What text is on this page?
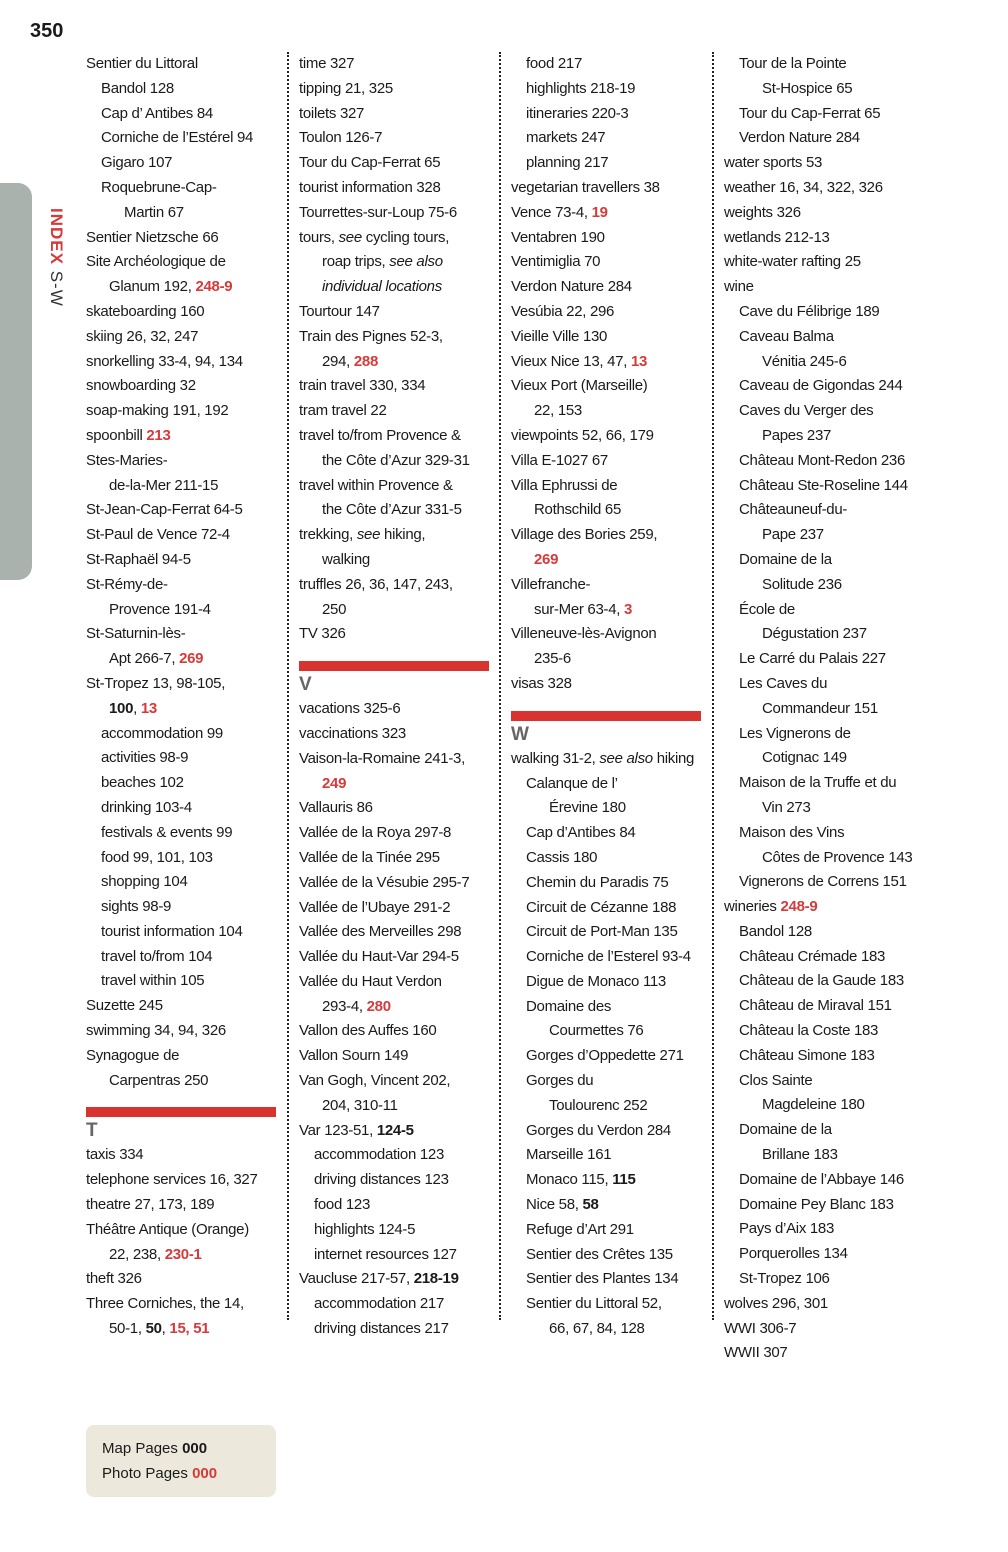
350
INDEX S-W
Sentier du Littoral
Bandol 128
Cap d’ Antibes 84
Corniche de l’Estérel 94
Gigaro 107
Roquebrune-Cap-
Martin 67
Sentier Nietzsche 66
Site Archéologique de
Glanum 192, 248-9
skateboarding 160
skiing 26, 32, 247
snorkelling 33-4, 94, 134
snowboarding 32
soap-making 191, 192
spoonbill 213
Stes-Maries-
de-la-Mer 211-15
St-Jean-Cap-Ferrat 64-5
St-Paul de Vence 72-4
St-Raphaël 94-5
St-Rémy-de-
Provence 191-4
St-Saturnin-lès-
Apt 266-7, 269
St-Tropez 13, 98-105,
100, 13
accommodation 99
activities 98-9
beaches 102
drinking 103-4
festivals & events 99
food 99, 101, 103
shopping 104
sights 98-9
tourist information 104
travel to/from 104
travel within 105
Suzette 245
swimming 34, 94, 326
Synagogue de
Carpentras 250
T
taxis 334
telephone services 16, 327
theatre 27, 173, 189
Théâtre Antique (Orange)
22, 238, 230-1
theft 326
Three Corniches, the 14,
50-1, 50, 15, 51
time 327
tipping 21, 325
toilets 327
Toulon 126-7
Tour du Cap-Ferrat 65
tourist information 328
Tourrettes-sur-Loup 75-6
tours, see cycling tours,
roap trips, see also
individual locations
Tourtour 147
Train des Pignes 52-3,
294, 288
train travel 330, 334
tram travel 22
travel to/from Provence &
the Côte d’Azur 329-31
travel within Provence &
the Côte d’Azur 331-5
trekking, see hiking,
walking
truffles 26, 36, 147, 243,
250
TV 326
V
vacations 325-6
vaccinations 323
Vaison-la-Romaine 241-3,
249
Vallauris 86
Vallée de la Roya 297-8
Vallée de la Tinée 295
Vallée de la Vésubie 295-7
Vallée de l’Ubaye 291-2
Vallée des Merveilles 298
Vallée du Haut-Var 294-5
Vallée du Haut Verdon
293-4, 280
Vallon des Auffes 160
Vallon Sourn 149
Van Gogh, Vincent 202,
204, 310-11
Var 123-51, 124-5
accommodation 123
driving distances 123
food 123
highlights 124-5
internet resources 127
Vaucluse 217-57, 218-19
accommodation 217
driving distances 217
food 217
highlights 218-19
itineraries 220-3
markets 247
planning 217
vegetarian travellers 38
Vence 73-4, 19
Ventabren 190
Ventimiglia 70
Verdon Nature 284
Vesúbia 22, 296
Vieille Ville 130
Vieux Nice 13, 47, 13
Vieux Port (Marseille)
22, 153
viewpoints 52, 66, 179
Villa E-1027 67
Villa Ephrussi de
Rothschild 65
Village des Bories 259,
269
Villefranche-
sur-Mer 63-4, 3
Villeneuve-lès-Avignon
235-6
visas 328
W
walking 31-2, see also hiking
Calanque de l’
Érevine 180
Cap d’Antibes 84
Cassis 180
Chemin du Paradis 75
Circuit de Cézanne 188
Circuit de Port-Man 135
Corniche de l’Esterel 93-4
Digue de Monaco 113
Domaine des
Courmettes 76
Gorges d’Oppedette 271
Gorges du
Toulourenc 252
Gorges du Verdon 284
Marseille 161
Monaco 115, 115
Nice 58, 58
Refuge d’Art 291
Sentier des Crêtes 135
Sentier des Plantes 134
Sentier du Littoral 52,
66, 67, 84, 128
Tour de la Pointe
St-Hospice 65
Tour du Cap-Ferrat 65
Verdon Nature 284
water sports 53
weather 16, 34, 322, 326
weights 326
wetlands 212-13
white-water rafting 25
wine
Cave du Félibrige 189
Caveau Balma
Vénitia 245-6
Caveau de Gigondas 244
Caves du Verger des
Papes 237
Château Mont-Redon 236
Château Ste-Roseline 144
Châteauneuf-du-
Pape 237
Domaine de la
Solitude 236
École de
Dégustation 237
Le Carré du Palais 227
Les Caves du
Commandeur 151
Les Vignerons de
Cotignac 149
Maison de la Truffe et du
Vin 273
Maison des Vins
Côtes de Provence 143
Vignerons de Correns 151
wineries 248-9
Bandol 128
Château Crémade 183
Château de la Gaude 183
Château de Miraval 151
Château la Coste 183
Château Simone 183
Clos Sainte
Magdeleine 180
Domaine de la
Brillane 183
Domaine de l’Abbaye 146
Domaine Pey Blanc 183
Pays d’Aix 183
Porquerolles 134
St-Tropez 106
wolves 296, 301
WWI 306-7
WWII 307
Map Pages 000
Photo Pages 000
